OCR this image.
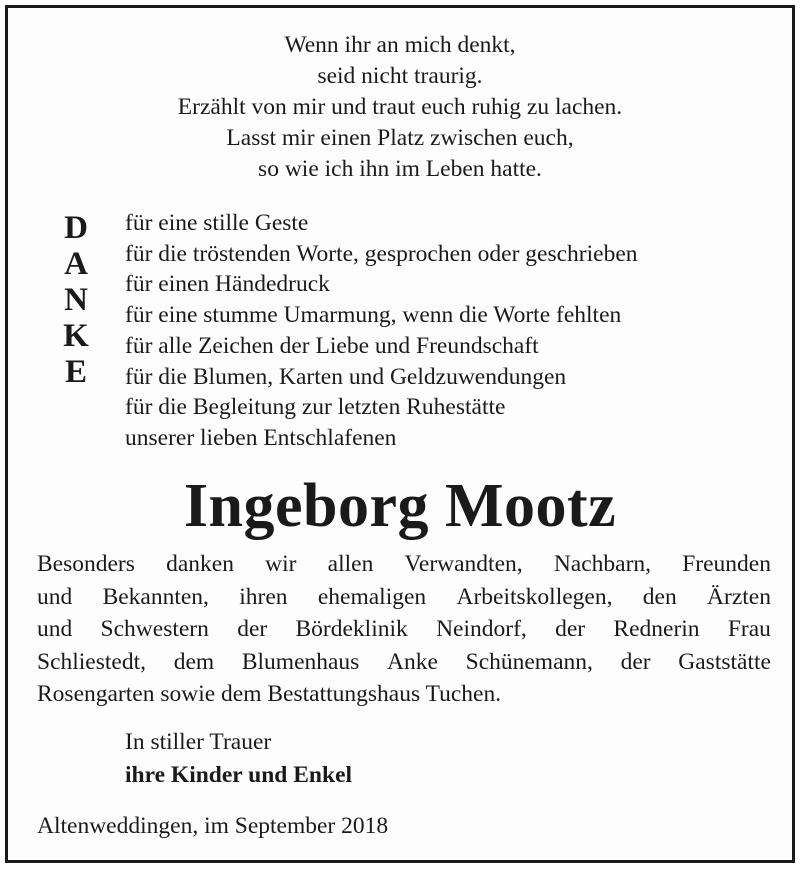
Wenn ihr an mich denkt,
seid nicht traurig.
Erzählt von mir und traut euch ruhig zu lachen.
Lasst mir einen Platz zwischen euch,
so wie ich ihn im Leben hatte.
D
A
N
K
E
für eine stille Geste
für die tröstenden Worte, gesprochen oder geschrieben
für einen Händedruck
für eine stumme Umarmung, wenn die Worte fehlten
für alle Zeichen der Liebe und Freundschaft
für die Blumen, Karten und Geldzuwendungen
für die Begleitung zur letzten Ruhestätte
unserer lieben Entschlafenen
Ingeborg Mootz
Besonders danken wir allen Verwandten, Nachbarn, Freunden
und Bekannten, ihren ehemaligen Arbeitskollegen, den Ärzten
und Schwestern der Bördeklinik Neindorf, der Rednerin Frau
Schliestedt, dem Blumenhaus Anke Schünemann, der Gaststätte
Rosengarten sowie dem Bestattungshaus Tuchen.
In stiller Trauer
ihre Kinder und Enkel
Altenweddingen, im September 2018
